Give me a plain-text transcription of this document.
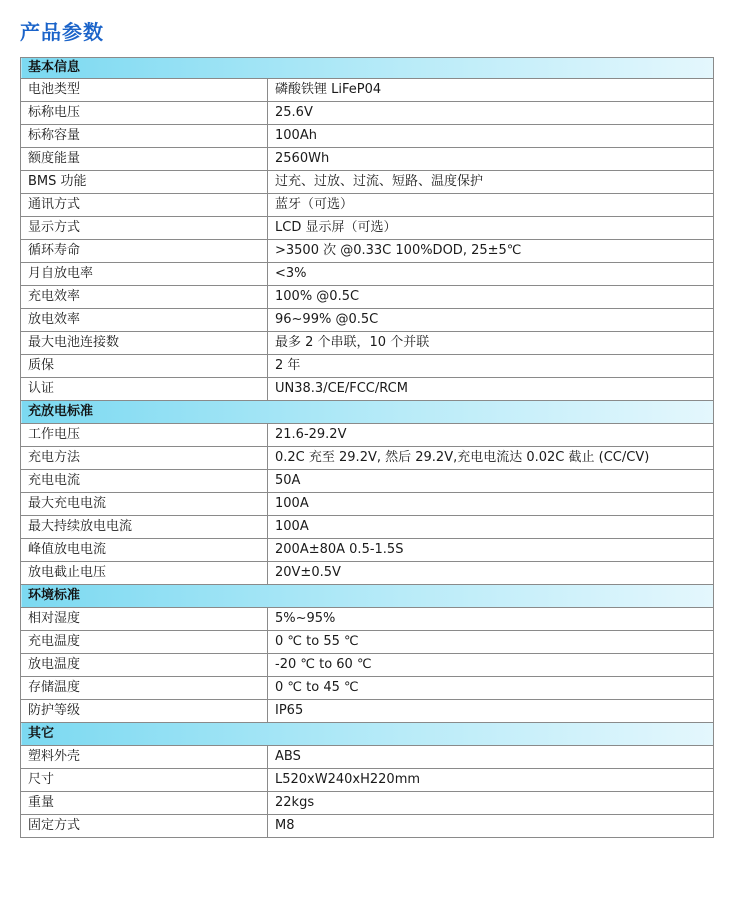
产品参数
基本信息	
电池类型	磷酸铁锂 LiFeP04
标称电压	25.6V
标称容量	100Ah
额度能量	2560Wh
BMS 功能	过充、过放、过流、短路、温度保护
通讯方式	蓝牙（可选）
显示方式	LCD 显示屏（可选）
循环寿命	>3500 次 @0.33C 100%DOD, 25±5℃
月自放电率	<3%
充电效率	100% @0.5C
放电效率	96~99% @0.5C
最大电池连接数	最多 2 个串联，10 个并联
质保	2 年
认证	UN38.3/CE/FCC/RCM
充放电标准	
工作电压	21.6-29.2V
充电方法	0.2C 充至 29.2V, 然后 29.2V,充电电流达 0.02C 截止 (CC/CV)
充电电流	50A
最大充电电流	100A
最大持续放电电流	100A
峰值放电电流	200A±80A 0.5-1.5S
放电截止电压	20V±0.5V
环境标准	
相对湿度	5%~95%
充电温度	0 ℃ to 55 ℃
放电温度	-20 ℃ to 60 ℃
存储温度	0 ℃ to 45 ℃
防护等级	IP65
其它	
塑料外壳	ABS
尺寸	L520xW240xH220mm
重量	22kgs
固定方式	M8
